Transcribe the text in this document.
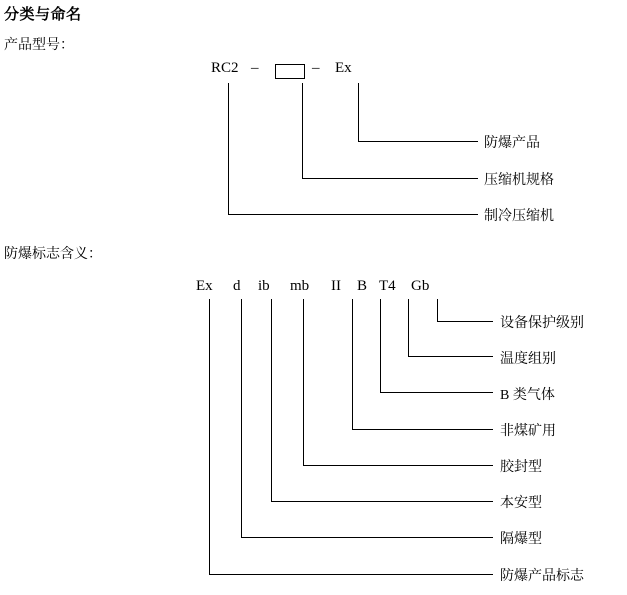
分类与命名
产品型号：
RC2 –	– Ex
防爆产品
压缩机规格
制冷压缩机
防爆标志含义：
Ex d ib mb II B T4 Gb
设备保护级别
温度组别
B 类气体
非煤矿用
胶封型
本安型
隔爆型
防爆产品标志
